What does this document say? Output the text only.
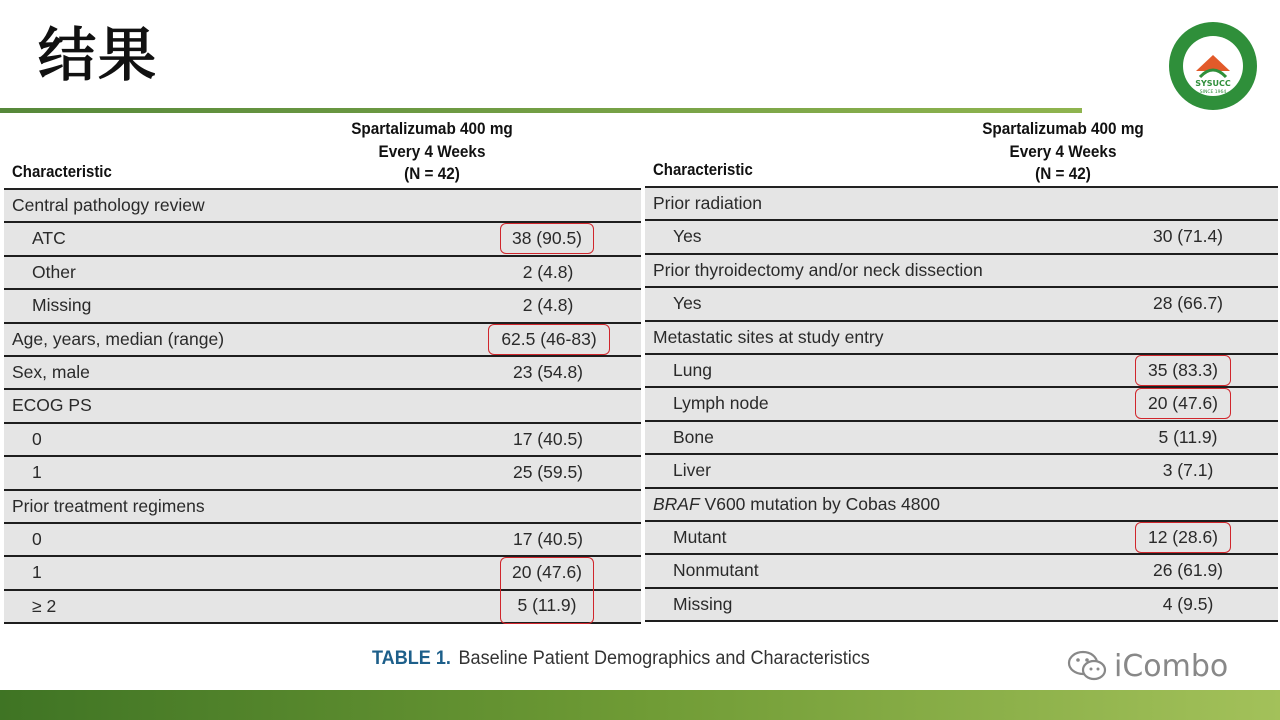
结果	SYSUCC
SINCE 1964
Spartalizumab 400 mg
Every 4 Weeks
(N = 42)
Characteristic
Central pathology review
ATC	38 (90.5)
Other	2 (4.8)
Missing	2 (4.8)
Age, years, median (range)	62.5 (46-83)
Sex, male	23 (54.8)
ECOG PS
0	17 (40.5)
1	25 (59.5)
Prior treatment regimens
0	17 (40.5)
1	20 (47.6)
≥ 2	5 (11.9)
Spartalizumab 400 mg
Every 4 Weeks
(N = 42)
Characteristic
Prior radiation
Yes	30 (71.4)
Prior thyroidectomy and/or neck dissection
Yes	28 (66.7)
Metastatic sites at study entry
Lung	35 (83.3)
Lymph node	20 (47.6)
Bone	5 (11.9)
Liver	3 (7.1)
BRAF V600 mutation by Cobas 4800
Mutant	12 (28.6)
Nonmutant	26 (61.9)
Missing	4 (9.5)
TABLE 1. Baseline Patient Demographics and Characteristics	iCombo
